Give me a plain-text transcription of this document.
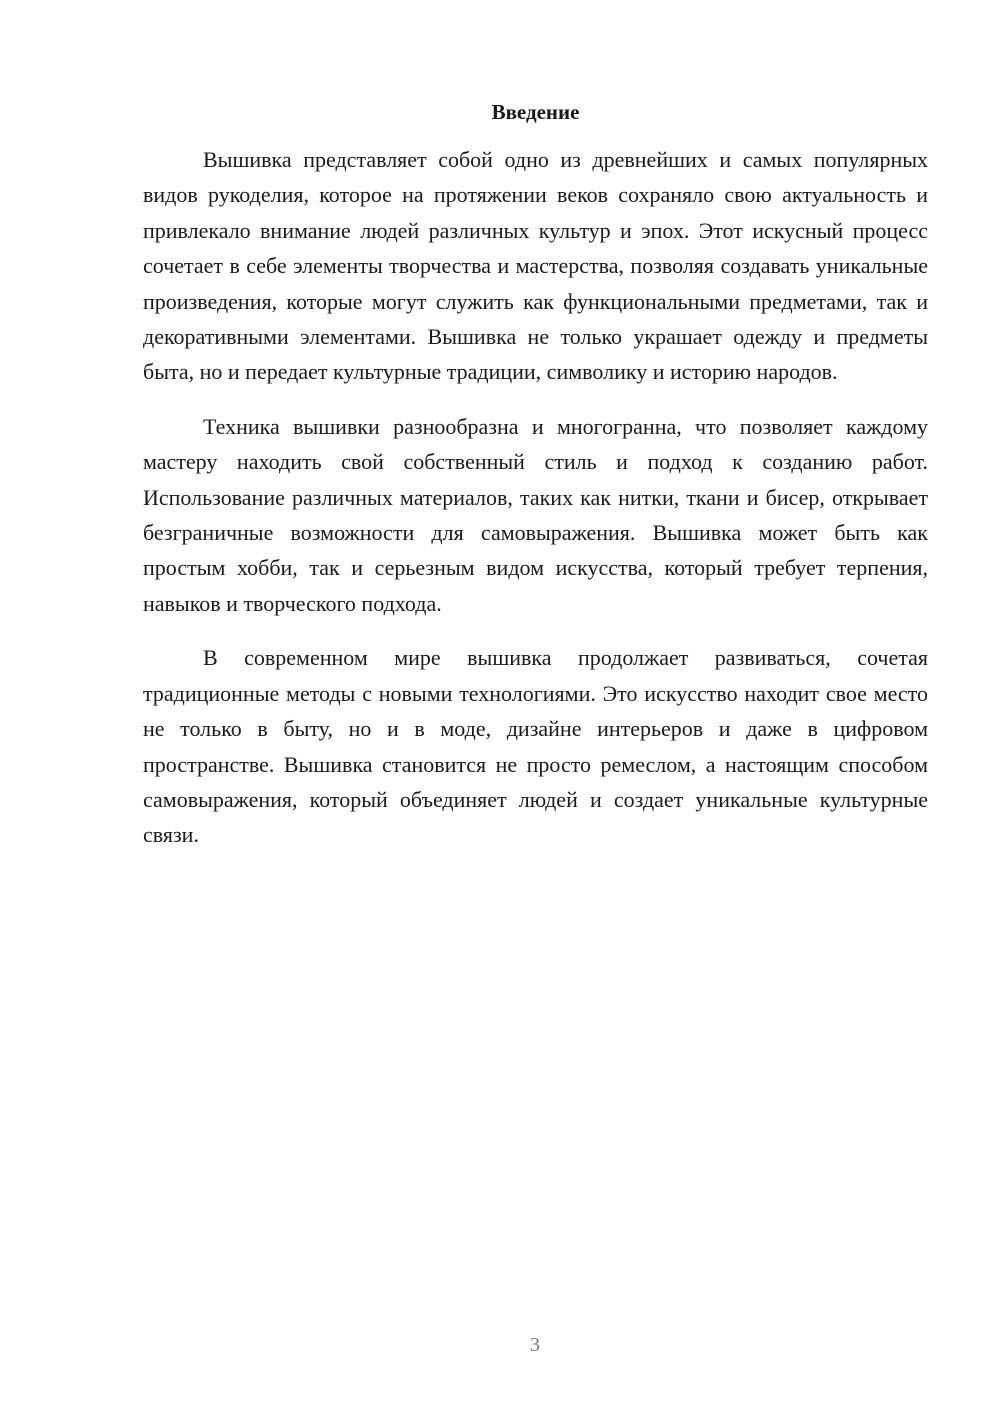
Введение

Вышивка представляет собой одно из древнейших и самых популярных видов рукоделия, которое на протяжении веков сохраняло свою актуальность и привлекало внимание людей различных культур и эпох. Этот искусный процесс сочетает в себе элементы творчества и мастерства, позволяя создавать уникальные произведения, которые могут служить как функциональными предметами, так и декоративными элементами. Вышивка не только украшает одежду и предметы быта, но и передает культурные традиции, символику и историю народов.

Техника вышивки разнообразна и многогранна, что позволяет каждому мастеру находить свой собственный стиль и подход к созданию работ. Использование различных материалов, таких как нитки, ткани и бисер, открывает безграничные возможности для самовыражения. Вышивка может быть как простым хобби, так и серьезным видом искусства, который требует терпения, навыков и творческого подхода.

В современном мире вышивка продолжает развиваться, сочетая традиционные методы с новыми технологиями. Это искусство находит свое место не только в быту, но и в моде, дизайне интерьеров и даже в цифровом пространстве. Вышивка становится не просто ремеслом, а настоящим способом самовыражения, который объединяет людей и создает уникальные культурные связи.

3
